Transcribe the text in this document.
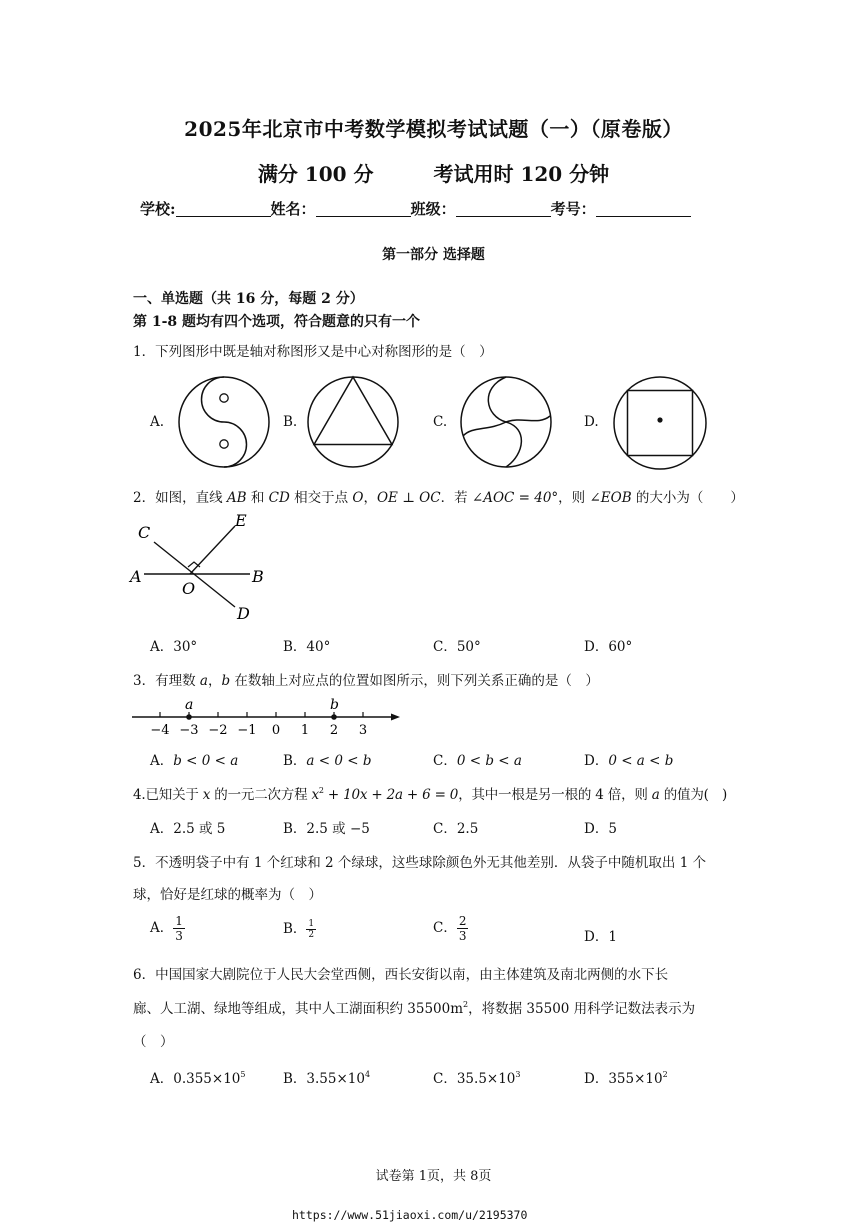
2025年北京市中考数学模拟考试试题（一）（原卷版）
满分 100 分	考试用时 120 分钟
学校:	姓名：	班级：	考号：
第一部分 选择题
一、单选题（共 16 分，每题 2 分）
第 1-8 题均有四个选项，符合题意的只有一个
1．下列图形中既是轴对称图形又是中心对称图形的是（　）
A.	B.	C.	D.
2．如图，直线 AB 和 CD 相交于点 O，OE ⊥ OC．若 ∠AOC = 40°，则 ∠EOB 的大小为（　　）
C
E
A
O
B
D
A．30°	B．40°	C．50°	D．60°
3．有理数 a，b 在数轴上对应点的位置如图所示，则下列关系正确的是（　）
−4 −3 −2 −1 0 1 2 3
a	b
A．b < 0 < a	B．a < 0 < b	C．0 < b < a	D．0 < a < b
4.已知关于 x 的一元二次方程 $x^2 + 10x + 2a + 6 = 0$，其中一根是另一根的 4 倍，则 a 的值为(　)
A．2.5 或 5	B．2.5 或 −5	C．2.5	D．5
5．不透明袋子中有 1 个红球和 2 个绿球，这些球除颜色外无其他差别．从袋子中随机取出 1 个
球，恰好是红球的概率为（　）
A． $\frac{1}{3}$	B． $\frac{1}{2}$	C． $\frac{2}{3}$	D．1
6．中国国家大剧院位于人民大会堂西侧，西长安街以南，由主体建筑及南北两侧的水下长
廊、人工湖、绿地等组成，其中人工湖面积约 $35500m^2$，将数据 35500 用科学记数法表示为
（　）
A．$0.355\times 10^5$	B．$3.55\times 10^4$	C．$35.5\times 10^3$	D．$355\times 10^2$
试卷第 1页，共 8页
https://www.51jiaoxi.com/u/2195370
